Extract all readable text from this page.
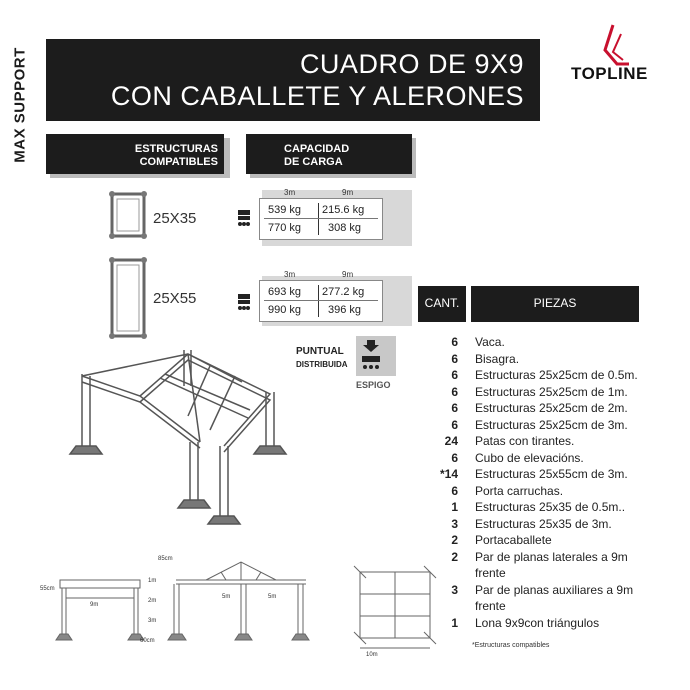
MAX SUPPORT	CUADRO DE 9X9
CON CABALLETE Y ALERONES
TOPLINE
ESTRUCTURAS
COMPATIBLES
CAPACIDAD
DE CARGA
25X35
25X55
3m	9m
539 kg 215.6 kg
770 kg 308 kg
3m	9m
693 kg 277.2 kg
990 kg 396 kg
PUNTUAL
DISTRIBUIDA
ESPIGO
CANT.	PIEZAS
6 Vaca.
6 Bisagra.
6 Estructuras 25x25cm de 0.5m.
6 Estructuras 25x25cm de 1m.
6 Estructuras 25x25cm de 2m.
6 Estructuras 25x25cm de 3m.
24 Patas con tirantes.
6 Cubo de elevacións.
*14 Estructuras 25x55cm de 3m.
6 Porta carruchas.
1 Estructuras 25x35 de 0.5m..
3 Estructuras 25x35 de 3m.
2 Portacaballete
2 Par de planas laterales a 9m
frente
3 Par de planas auxiliares a 9m
frente
1 Lona 9x9con triángulos
*Estructuras compatibles
55cm
9m
60cm
85cm
1m
2m
3m
5m	5m
10m
